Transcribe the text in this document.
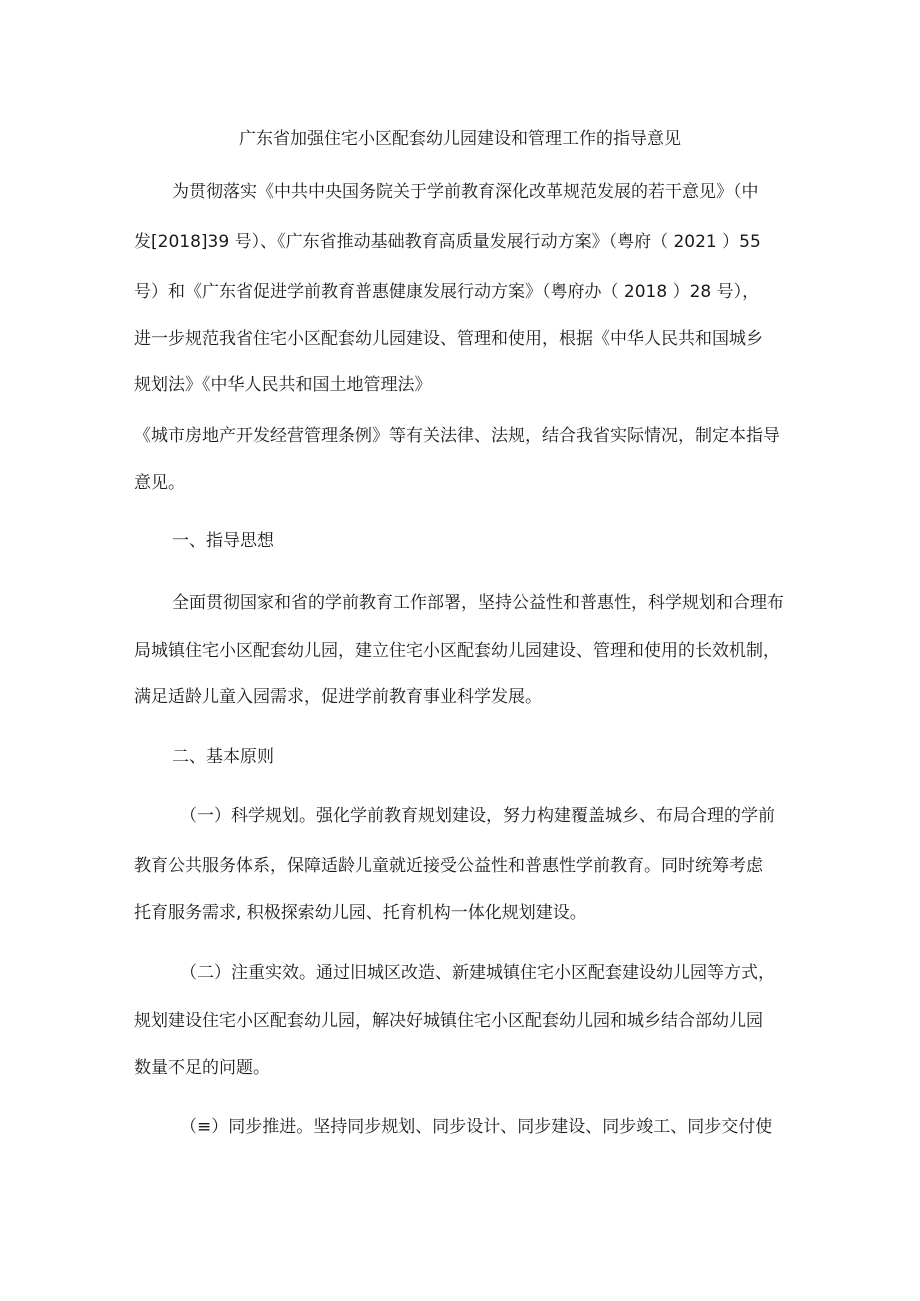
广东省加强住宅小区配套幼儿园建设和管理工作的指导意见
为贯彻落实《中共中央国务院关于学前教育深化改革规范发展的若干意见》（中
发[2018]39 号）、《广东省推动基础教育高质量发展行动方案》（粤府（ 2021 ）55
号）和《广东省促进学前教育普惠健康发展行动方案》（粤府办（ 2018 ）28 号），
进一步规范我省住宅小区配套幼儿园建设、管理和使用，根据《中华人民共和国城乡
规划法》《中华人民共和国土地管理法》
《城市房地产开发经营管理条例》等有关法律、法规，结合我省实际情况，制定本指导
意见。
一、指导思想
全面贯彻国家和省的学前教育工作部署，坚持公益性和普惠性，科学规划和合理布
局城镇住宅小区配套幼儿园，建立住宅小区配套幼儿园建设、管理和使用的长效机制，
满足适龄儿童入园需求，促进学前教育事业科学发展。
二、基本原则
（一）科学规划。强化学前教育规划建设，努力构建覆盖城乡、布局合理的学前
教育公共服务体系，保障适龄儿童就近接受公益性和普惠性学前教育。同时统筹考虑
托育服务需求, 积极探索幼儿园、托育机构一体化规划建设。
（二）注重实效。通过旧城区改造、新建城镇住宅小区配套建设幼儿园等方式，
规划建设住宅小区配套幼儿园，解决好城镇住宅小区配套幼儿园和城乡结合部幼儿园
数量不足的问题。
（≡）同步推进。坚持同步规划、同步设计、同步建设、同步竣工、同步交付使
